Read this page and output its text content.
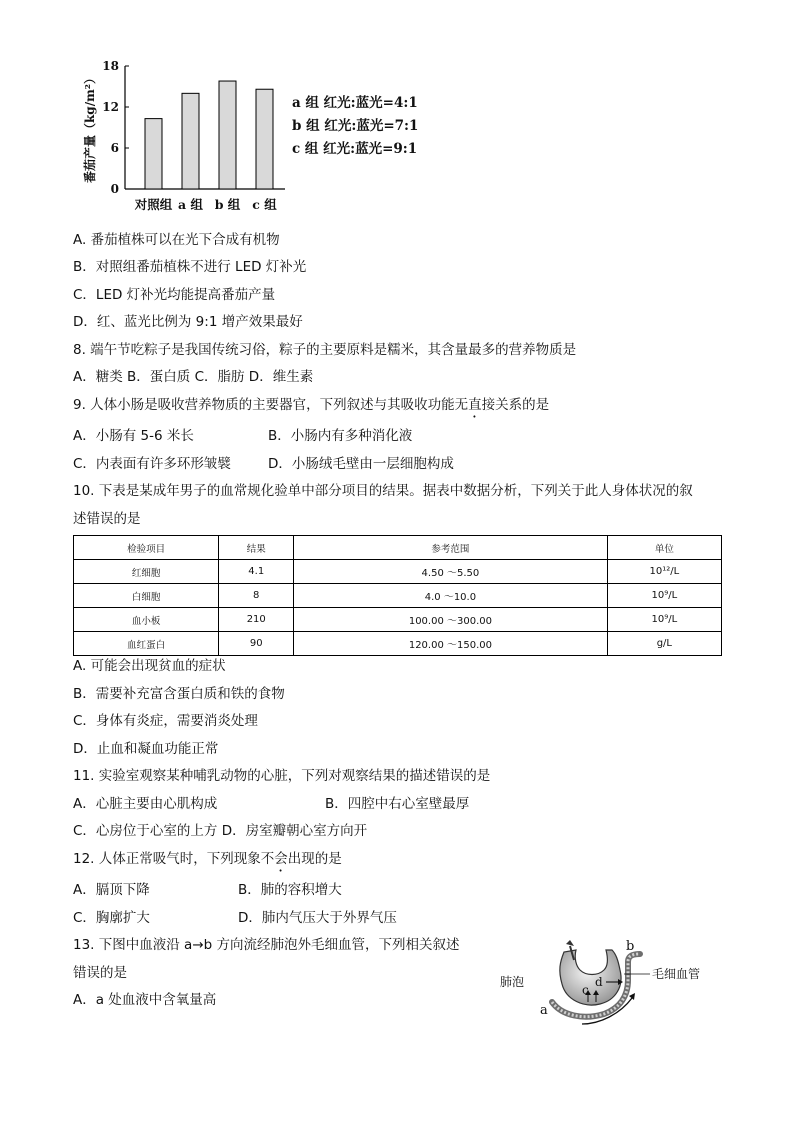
0
6
12
18
对照组 a 组 b 组 c 组
番茄产量（kg/m²）	a 组 红光:蓝光=4:1
b 组 红光:蓝光=7:1
c 组 红光:蓝光=9:1
A. 番茄植株可以在光下合成有机物
B．对照组番茄植株不进行 LED 灯补光
C．LED 灯补光均能提高番茄产量
D．红、蓝光比例为 9:1 增产效果最好
8. 端午节吃粽子是我国传统习俗，粽子的主要原料是糯米，其含量最多的营养物质是
A．糖类 B．蛋白质 C．脂肪 D．维生素
9. 人体小肠是吸收营养物质的主要器官，下列叙述与其吸收功能无直接关系的是
A．小肠有 5-6 米长	B．小肠内有多种消化液
C．内表面有许多环形皱襞	D．小肠绒毛壁由一层细胞构成
10. 下表是某成年男子的血常规化验单中部分项目的结果。据表中数据分析，下列关于此人身体状况的叙
述错误的是
检验项目	结果	参考范围	单位
红细胞	4.1	4.50 ～5.50	10¹²/L
白细胞	8	4.0 ～10.0	10⁹/L
血小板	210	100.00 ～300.00	10⁹/L
血红蛋白	90	120.00 ～150.00	g/L
A. 可能会出现贫血的症状
B．需要补充富含蛋白质和铁的食物
C．身体有炎症，需要消炎处理
D．止血和凝血功能正常
11. 实验室观察某种哺乳动物的心脏，下列对观察结果的描述错误的是
A．心脏主要由心肌构成	B．四腔中右心室壁最厚
C．心房位于心室的上方 D．房室瓣朝心室方向开
12. 人体正常吸气时，下列现象不会出现的是
A．膈顶下降	B．肺的容积增大
C．胸廓扩大	D．肺内气压大于外界气压
13. 下图中血液沿 a→b 方向流经肺泡外毛细血管，下列相关叙述
错误的是
A．a 处血液中含氧量高
肺泡
毛细血管
a
b
c
d
